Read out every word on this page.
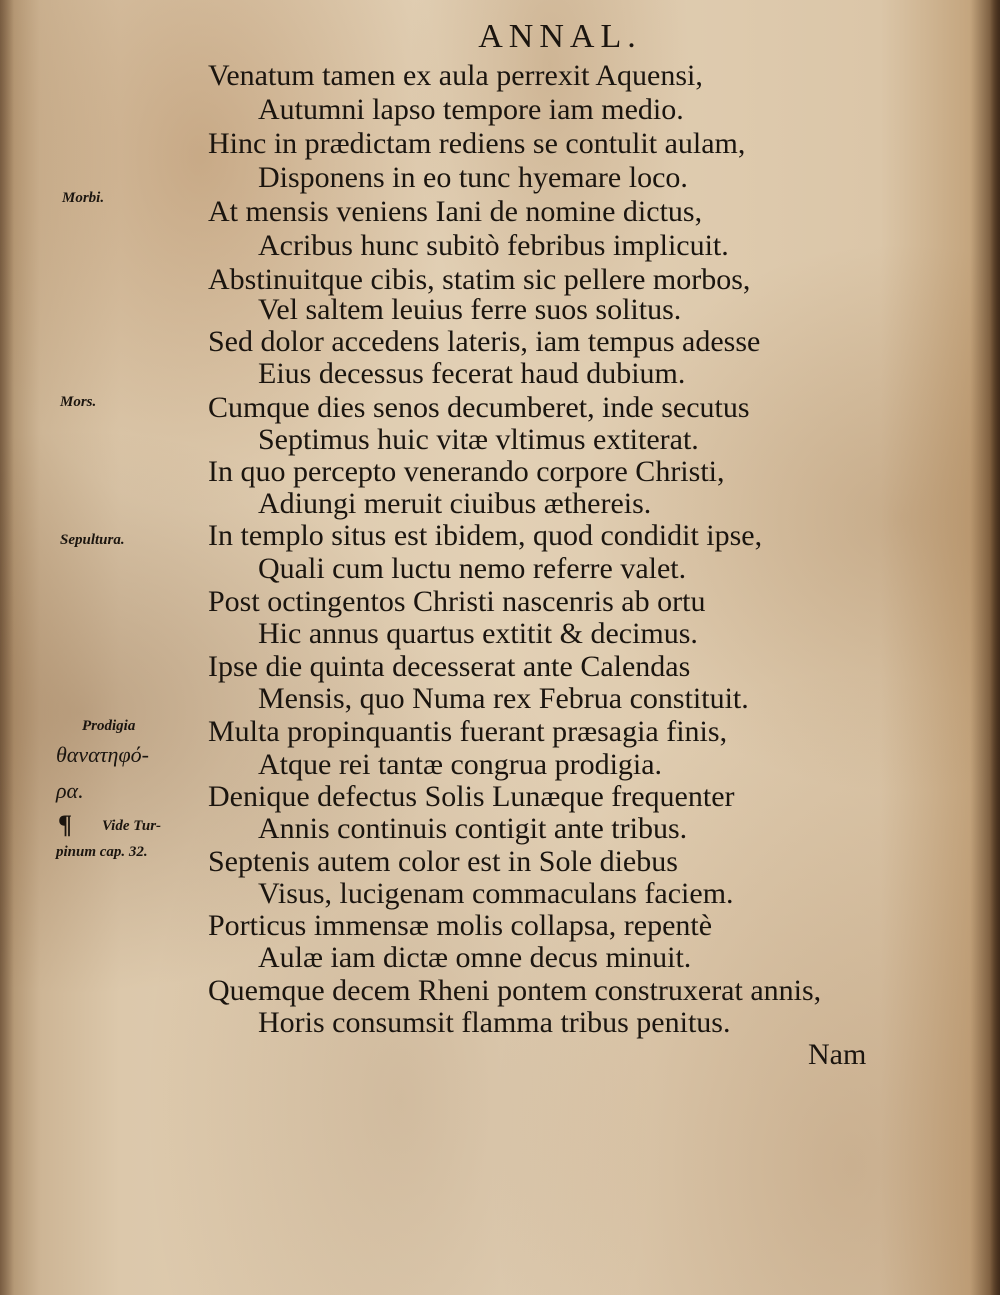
ANNAL.
Venatum tamen ex aula perrexit Aquensi,
Autumni lapso tempore iam medio.
Hinc in prædictam rediens se contulit aulam,
Disponens in eo tunc hyemare loco.
At mensis veniens Iani de nomine dictus,
Acribus hunc subitò febribus implicuit.
Abstinuitque cibis, statim sic pellere morbos,
Vel saltem leuius ferre suos solitus.
Sed dolor accedens lateris, iam tempus adesse
Eius decessus fecerat haud dubium.
Cumque dies senos decumberet, inde secutus
Septimus huic vitæ vltimus extiterat.
In quo percepto venerando corpore Christi,
Adiungi meruit ciuibus æthereis.
In templo situs est ibidem, quod condidit ipse,
Quali cum luctu nemo referre valet.
Post octingentos Christi nascenris ab ortu
Hic annus quartus extitit & decimus.
Ipse die quinta decesserat ante Calendas
Mensis, quo Numa rex Februa constituit.
Multa propinquantis fuerant præsagia finis,
Atque rei tantæ congrua prodigia.
Denique defectus Solis Lunæque frequenter
Annis continuis contigit ante tribus.
Septenis autem color est in Sole diebus
Visus, lucigenam commaculans faciem.
Porticus immensæ molis collapsa, repentè
Aulæ iam dictæ omne decus minuit.
Quemque decem Rheni pontem construxerat annis,
Horis consumsit flamma tribus penitus.
Morbi.
Mors.
Sepultura.
Prodigia
θανατηφό-
ρα.
¶ Vide Tur-
pinum cap. 32.
Nam
